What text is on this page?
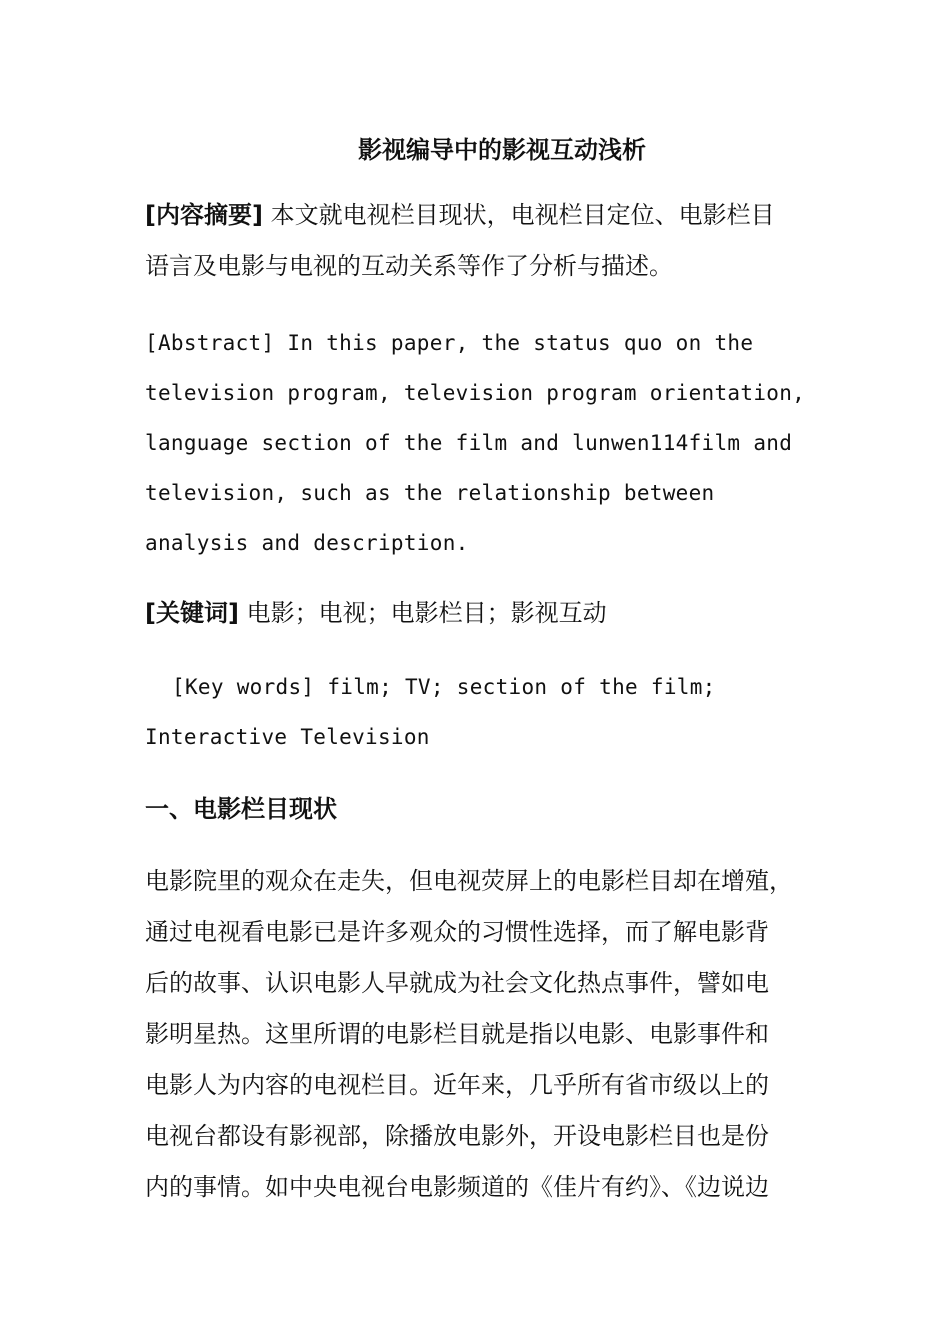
影视编导中的影视互动浅析
[内容摘要] 本文就电视栏目现状，电视栏目定位、电影栏目
语言及电影与电视的互动关系等作了分析与描述。
[Abstract] In this paper, the status quo on the
television program, television program orientation,
language section of the film and lunwen114film and
television, such as the relationship between
analysis and description.
[关键词] 电影；电视；电影栏目；影视互动
[Key words] film; TV; section of the film;
Interactive Television
一、电影栏目现状
电影院里的观众在走失，但电视荧屏上的电影栏目却在增殖，
通过电视看电影已是许多观众的习惯性选择，而了解电影背
后的故事、认识电影人早就成为社会文化热点事件，譬如电
影明星热。这里所谓的电影栏目就是指以电影、电影事件和
电影人为内容的电视栏目。近年来，几乎所有省市级以上的
电视台都设有影视部，除播放电影外，开设电影栏目也是份
内的事情。如中央电视台电影频道的《佳片有约》、《边说边
